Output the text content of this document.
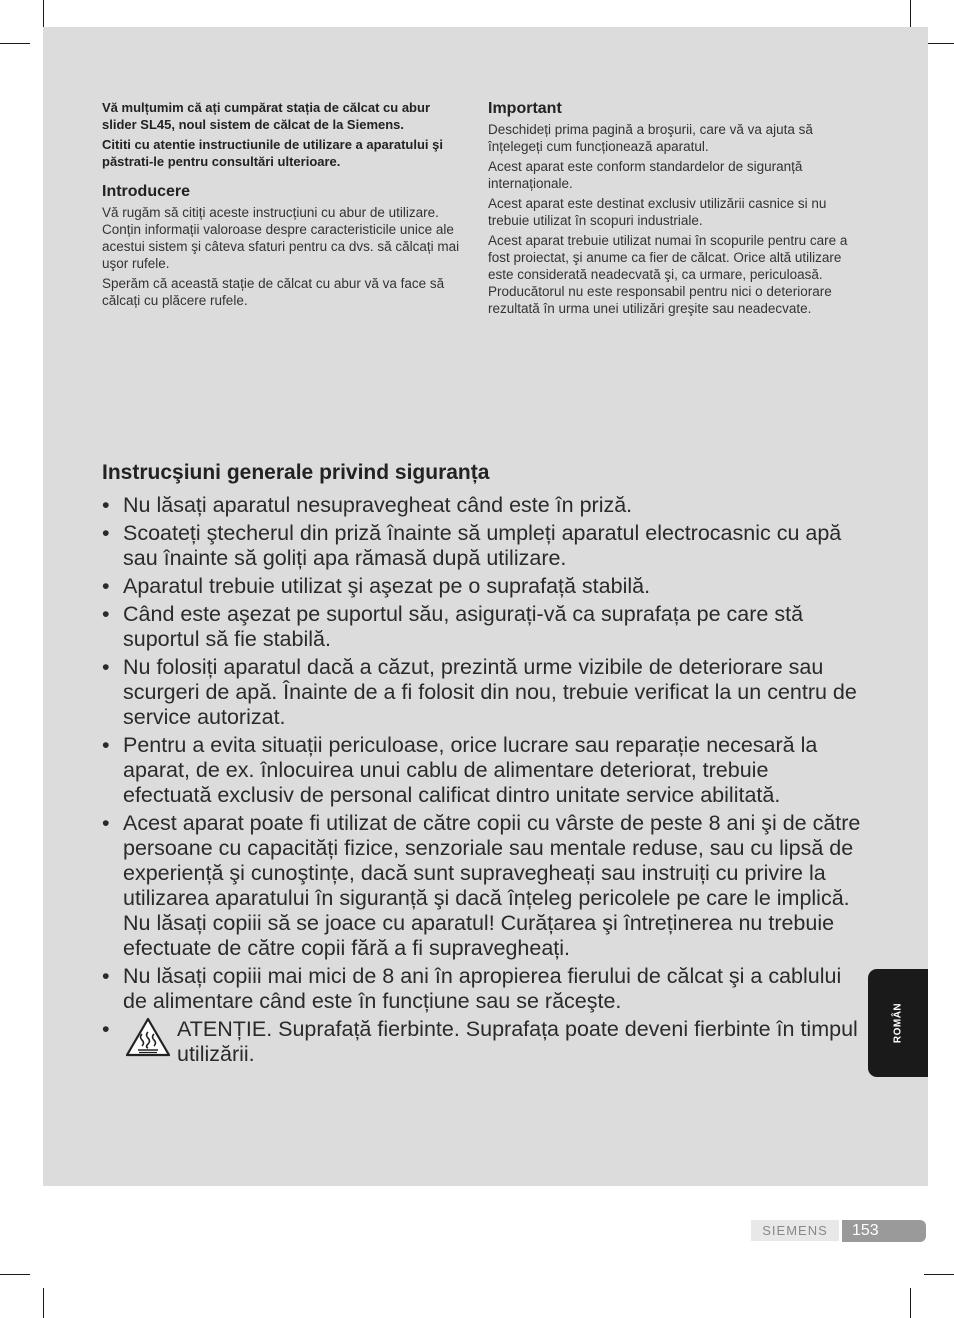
Vă mulțumim că ați cumpărat stația de călcat cu abur slider SL45, noul sistem de călcat de la Siemens.

Cititi cu atentie instructiunile de utilizare a aparatului şi păstrati-le pentru consultări ulterioare.

Introducere

Vă rugăm să citiți aceste instrucțiuni cu abur de utilizare. Conțin informații valoroase despre caracteristicile unice ale acestui sistem şi câteva sfaturi pentru ca dvs. să călcați mai uşor rufele.

Sperăm că această stație de călcat cu abur vă va face să călcați cu plăcere rufele.

Important

Deschideți prima pagină a broşurii, care vă va ajuta să înțelegeți cum funcționează aparatul.

Acest aparat este conform standardelor de siguranță internaționale.

Acest aparat este destinat exclusiv utilizării casnice si nu trebuie utilizat în scopuri industriale.

Acest aparat trebuie utilizat numai în scopurile pentru care a fost proiectat, şi anume ca fier de călcat. Orice altă utilizare este considerată neadecvată şi, ca urmare, periculoasă. Producătorul nu este responsabil pentru nici o deteriorare rezultată în urma unei utilizări greşite sau neadecvate.

Instrucşiuni generale privind siguranța
• Nu lăsați aparatul nesupravegheat când este în priză.
• Scoateți ştecherul din priză înainte să umpleți aparatul electrocasnic cu apă sau înainte să goliți apa rămasă după utilizare.
• Aparatul trebuie utilizat şi aşezat pe o suprafață stabilă.
• Când este aşezat pe suportul său, asigurați-vă ca suprafața pe care stă suportul să fie stabilă.
• Nu folosiți aparatul dacă a căzut, prezintă urme vizibile de deteriorare sau scurgeri de apă. Înainte de a fi folosit din nou, trebuie verificat la un centru de service autorizat.
• Pentru a evita situații periculoase, orice lucrare sau reparație necesară la aparat, de ex. înlocuirea unui cablu de alimentare deteriorat, trebuie efectuată exclusiv de personal calificat dintro unitate service abilitată.
• Acest aparat poate fi utilizat de către copii cu vârste de peste 8 ani şi de către persoane cu capacități fizice, senzoriale sau mentale reduse, sau cu lipsă de experiență şi cunoştințe, dacă sunt supravegheați sau instruiți cu privire la utilizarea aparatului în siguranță şi dacă înțeleg pericolele pe care le implică. Nu lăsați copiii să se joace cu aparatul! Curățarea şi întreținerea nu trebuie efectuate de către copii fără a fi supravegheați.
• Nu lăsați copiii mai mici de 8 ani în apropierea fierului de călcat şi a cablului de alimentare când este în funcțiune sau se răceşte.
•	ATENȚIE. Suprafață fierbinte. Suprafața poate deveni fierbinte în timpul utilizării.
ROMÂN
SIEMENS	153
